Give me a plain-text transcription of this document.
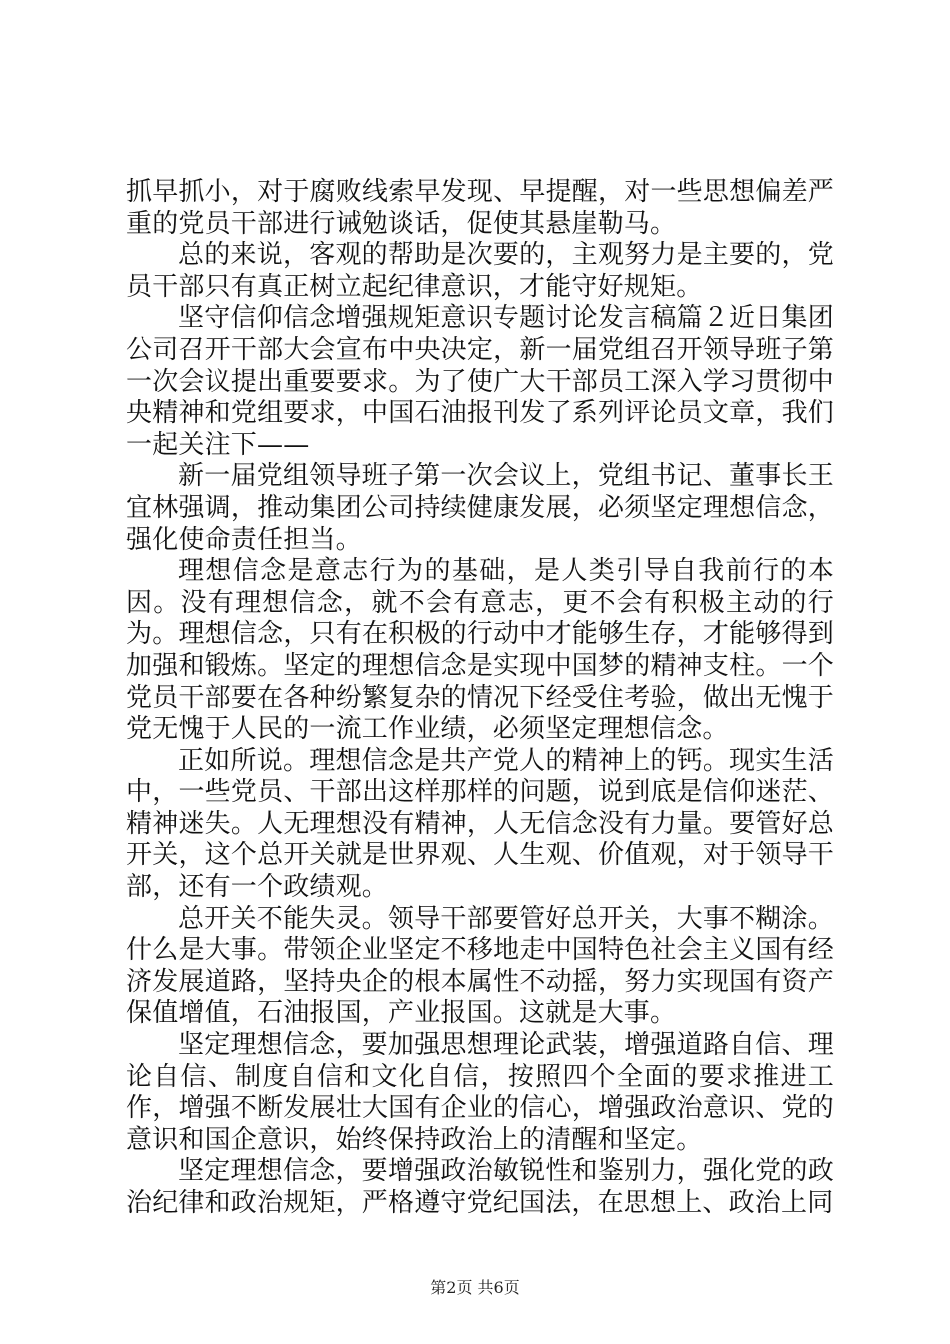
抓早抓小，对于腐败线索早发现、早提醒，对一些思想偏差严重的党员干部进行诫勉谈话，促使其悬崖勒马。

总的来说，客观的帮助是次要的，主观努力是主要的，党员干部只有真正树立起纪律意识，才能守好规矩。

坚守信仰信念增强规矩意识专题讨论发言稿篇２近日集团公司召开干部大会宣布中央决定，新一届党组召开领导班子第一次会议提出重要要求。为了使广大干部员工深入学习贯彻中央精神和党组要求，中国石油报刊发了系列评论员文章，我们一起关注下——

新一届党组领导班子第一次会议上，党组书记、董事长王宜林强调，推动集团公司持续健康发展，必须坚定理想信念，强化使命责任担当。

理想信念是意志行为的基础，是人类引导自我前行的本因。没有理想信念，就不会有意志，更不会有积极主动的行为。理想信念，只有在积极的行动中才能够生存，才能够得到加强和锻炼。坚定的理想信念是实现中国梦的精神支柱。一个党员干部要在各种纷繁复杂的情况下经受住考验，做出无愧于党无愧于人民的一流工作业绩，必须坚定理想信念。

正如所说。理想信念是共产党人的精神上的钙。现实生活中，一些党员、干部出这样那样的问题，说到底是信仰迷茫、精神迷失。人无理想没有精神，人无信念没有力量。要管好总开关，这个总开关就是世界观、人生观、价值观，对于领导干部，还有一个政绩观。

总开关不能失灵。领导干部要管好总开关，大事不糊涂。什么是大事。带领企业坚定不移地走中国特色社会主义国有经济发展道路，坚持央企的根本属性不动摇，努力实现国有资产保值增值，石油报国，产业报国。这就是大事。

坚定理想信念，要加强思想理论武装，增强道路自信、理论自信、制度自信和文化自信，按照四个全面的要求推进工作，增强不断发展壮大国有企业的信心，增强政治意识、党的意识和国企意识，始终保持政治上的清醒和坚定。

坚定理想信念，要增强政治敏锐性和鉴别力，强化党的政治纪律和政治规矩，严格遵守党纪国法，在思想上、政治上同

第2页 共6页
